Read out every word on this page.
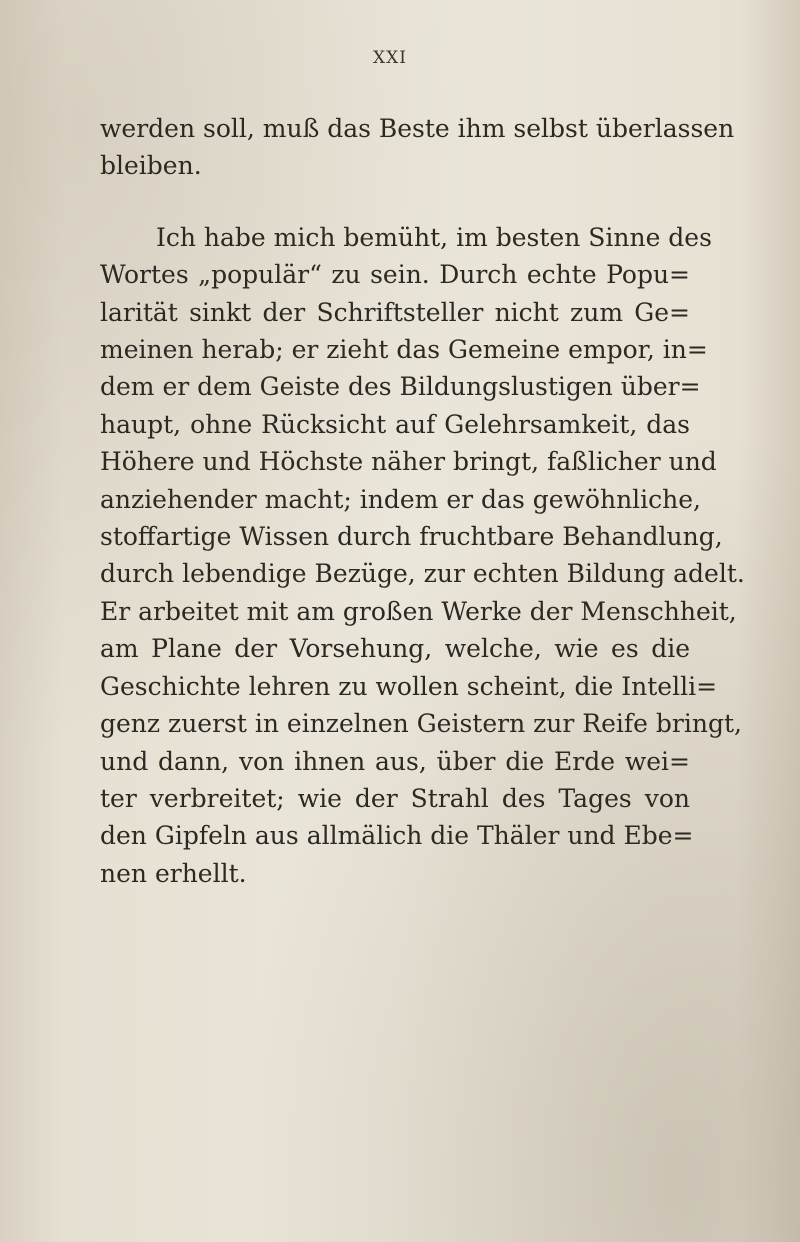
XXI

werden soll, muß das Beste ihm selbst überlassen
bleiben.

Ich habe mich bemüht, im besten Sinne des
Wortes „populär“ zu sein. Durch echte Popu=
larität sinkt der Schriftsteller nicht zum Ge=
meinen herab; er zieht das Gemeine empor, in=
dem er dem Geiste des Bildungslustigen über=
haupt, ohne Rücksicht auf Gelehrsamkeit, das
Höhere und Höchste näher bringt, faßlicher und
anziehender macht; indem er das gewöhnliche,
stoffartige Wissen durch fruchtbare Behandlung,
durch lebendige Bezüge, zur echten Bildung adelt.
Er arbeitet mit am großen Werke der Menschheit,
am Plane der Vorsehung, welche, wie es die
Geschichte lehren zu wollen scheint, die Intelli=
genz zuerst in einzelnen Geistern zur Reife bringt,
und dann, von ihnen aus, über die Erde wei=
ter verbreitet; wie der Strahl des Tages von
den Gipfeln aus allmälich die Thäler und Ebe=
nen erhellt.
